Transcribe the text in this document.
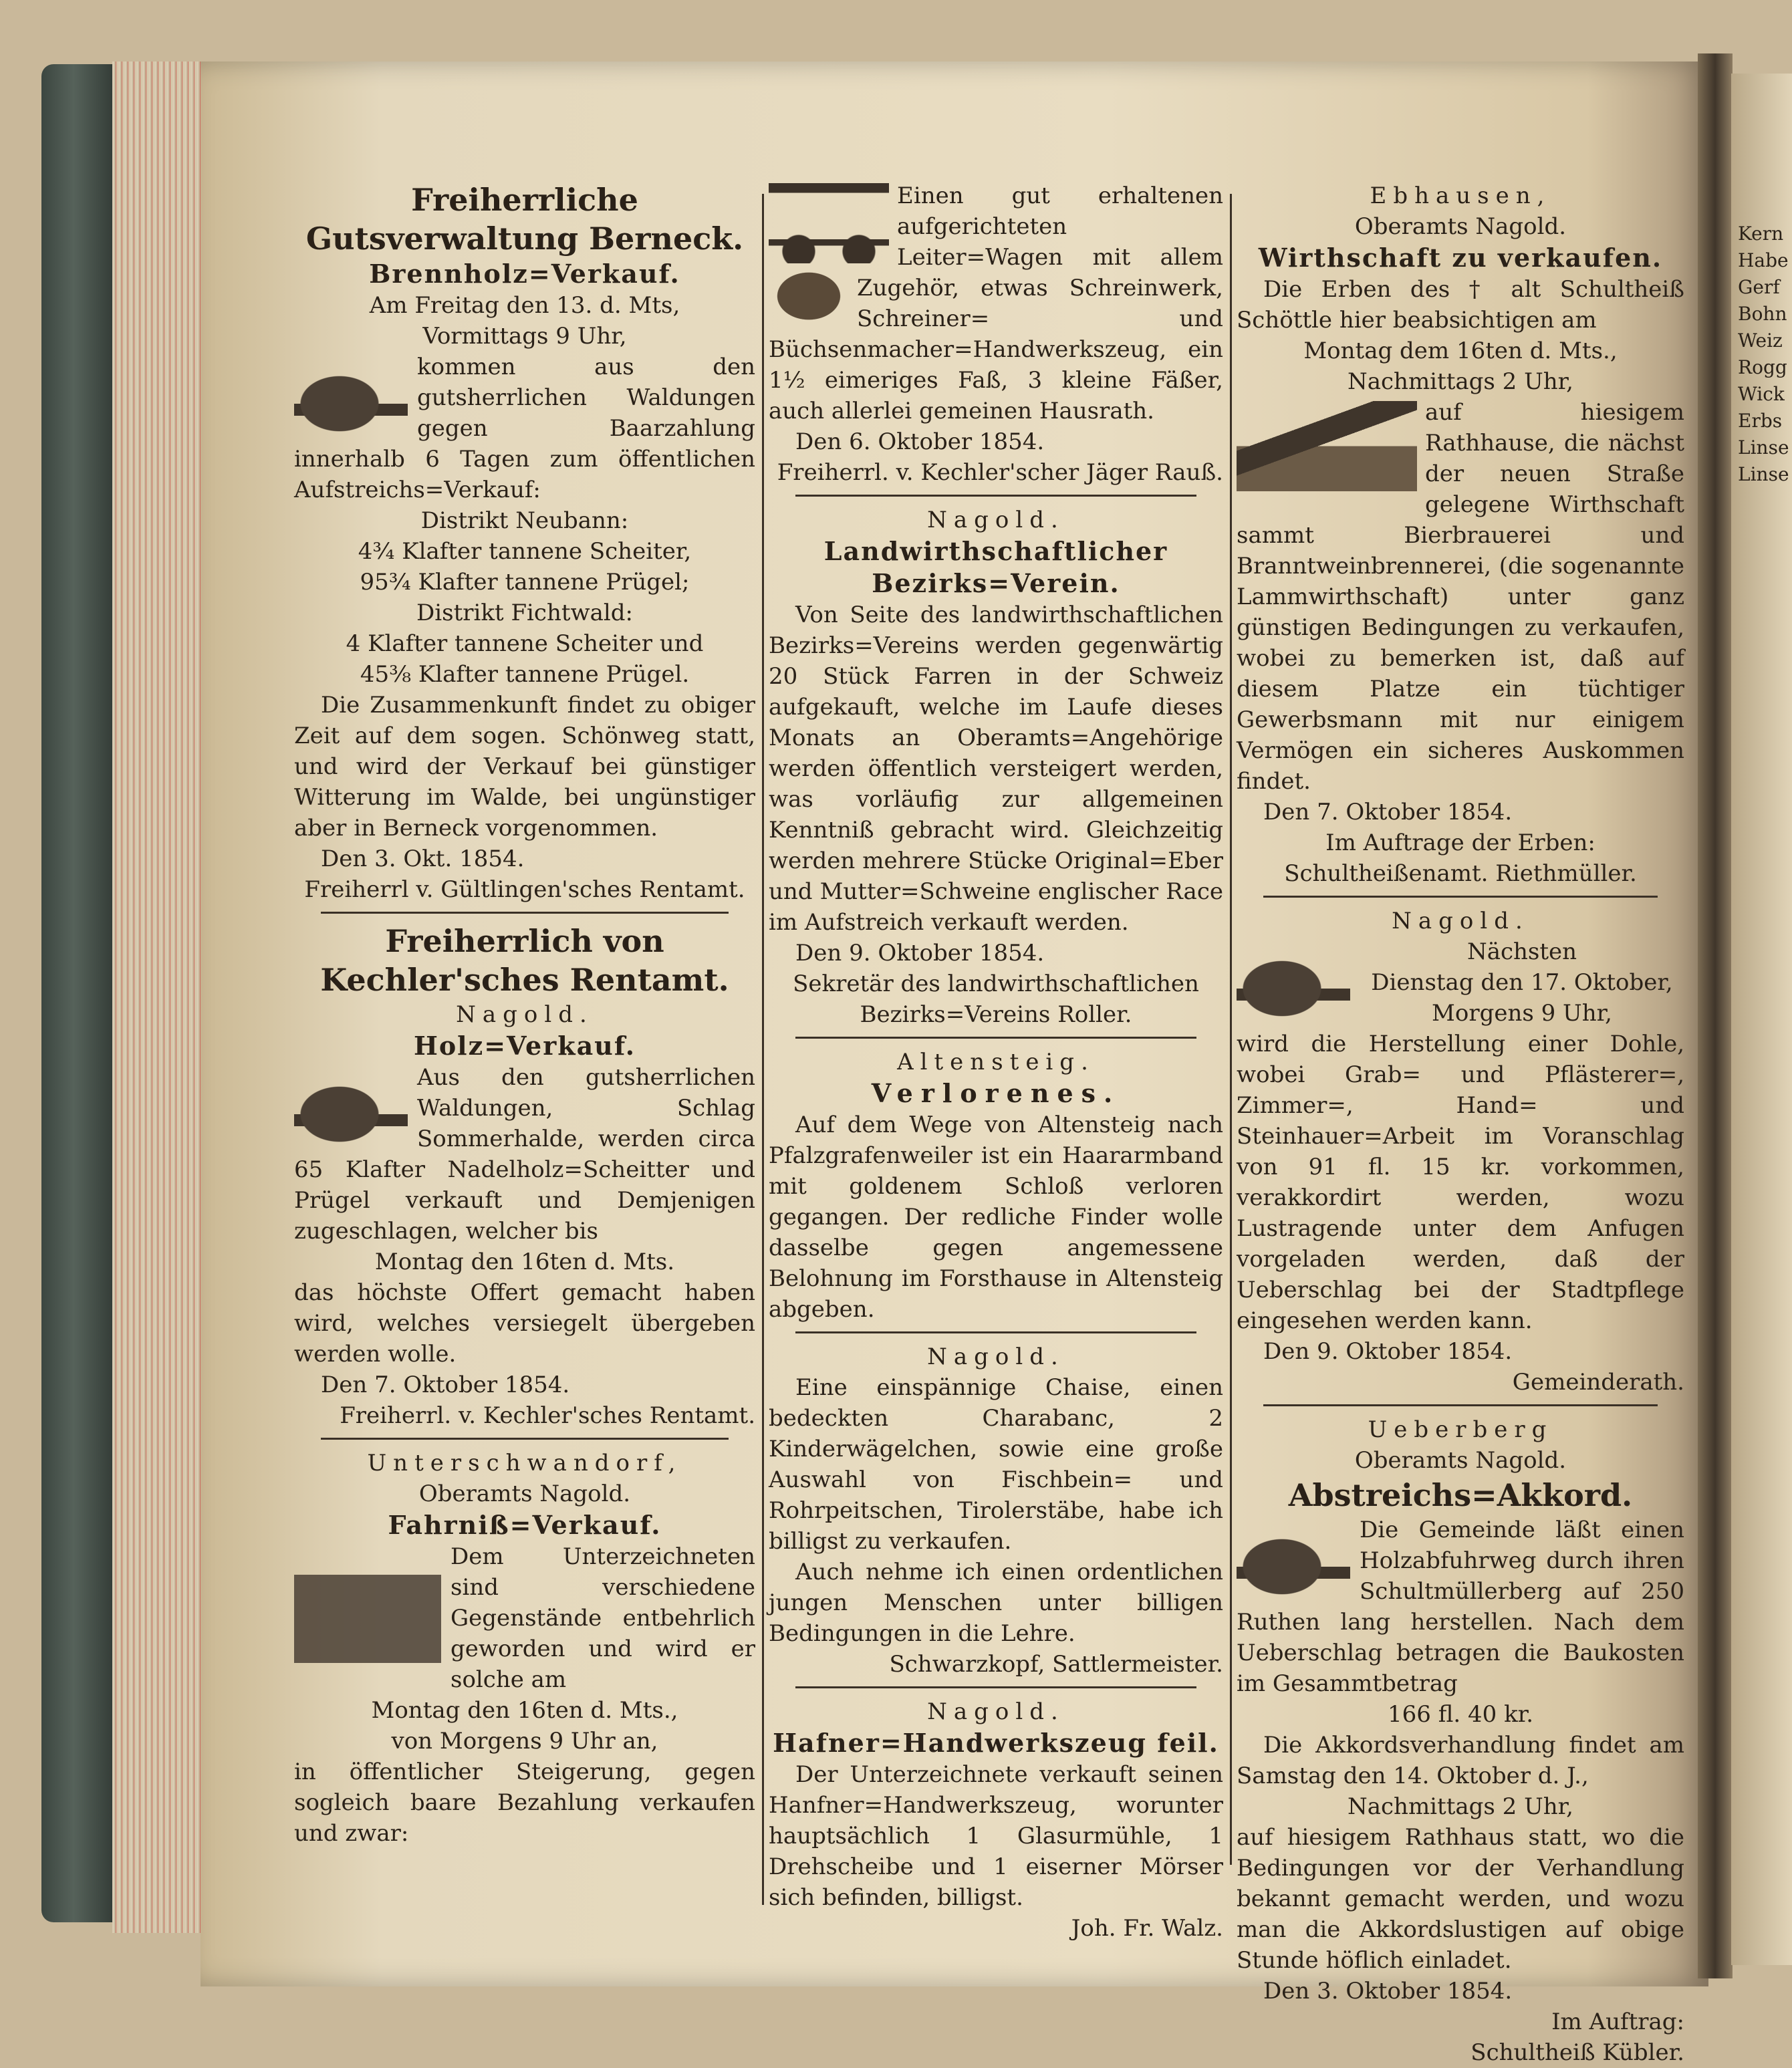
Freiherrliche Gutsverwaltung Berneck.

Brennholz=Verkauf.

Am Freitag den 13. d. Mts,

Vormittags 9 Uhr,

kommen aus den gutsherrlichen Waldungen gegen Baarzahlung innerhalb 6 Tagen zum öffentlichen Aufstreichs=Verkauf:

Distrikt Neubann:

4¾ Klafter tannene Scheiter,

95¾ Klafter tannene Prügel;

Distrikt Fichtwald:

4 Klafter tannene Scheiter und

45⅜ Klafter tannene Prügel.

Die Zusammenkunft findet zu obiger Zeit auf dem sogen. Schönweg statt, und wird der Verkauf bei günstiger Witterung im Walde, bei ungünstiger aber in Berneck vorgenommen.

Den 3. Okt. 1854.

Freiherrl v. Gültlingen'sches Rentamt.

Freiherrlich von Kechler'sches Rentamt.

Nagold.

Holz=Verkauf.

Aus den gutsherrlichen Waldungen, Schlag Sommerhalde, werden circa 65 Klafter Nadelholz=Scheitter und Prügel verkauft und Demjenigen zugeschlagen, welcher bis

Montag den 16ten d. Mts.

das höchste Offert gemacht haben wird, welches versiegelt übergeben werden wolle.

Den 7. Oktober 1854.

Freiherrl. v. Kechler'sches Rentamt.

Unterschwandorf,

Oberamts Nagold.

Fahrniß=Verkauf.

Dem Unterzeichneten sind verschiedene Gegenstände entbehrlich geworden und wird er solche am

Montag den 16ten d. Mts.,

von Morgens 9 Uhr an,

in öffentlicher Steigerung, gegen sogleich baare Bezahlung verkaufen und zwar:

Einen gut erhaltenen aufgerichteten Leiter=Wagen mit allem Zugehör, etwas Schreinwerk, Schreiner= und Büchsenmacher=Handwerkszeug, ein 1½ eimeriges Faß, 3 kleine Fäßer, auch allerlei gemeinen Hausrath.

Den 6. Oktober 1854.

Freiherrl. v. Kechler'scher Jäger Rauß.

Nagold.

Landwirthschaftlicher Bezirks=Verein.

Von Seite des landwirthschaftlichen Bezirks=Vereins werden gegenwärtig 20 Stück Farren in der Schweiz aufgekauft, welche im Laufe dieses Monats an Oberamts=Angehörige werden öffentlich versteigert werden, was vorläufig zur allgemeinen Kenntniß gebracht wird. Gleichzeitig werden mehrere Stücke Original=Eber und Mutter=Schweine englischer Race im Aufstreich verkauft werden.

Den 9. Oktober 1854.

Sekretär des landwirthschaftlichen Bezirks=Vereins Roller.

Altensteig.

Verlorenes.

Auf dem Wege von Altensteig nach Pfalzgrafenweiler ist ein Haararmband mit goldenem Schloß verloren gegangen. Der redliche Finder wolle dasselbe gegen angemessene Belohnung im Forsthause in Altensteig abgeben.

Nagold.

Eine einspännige Chaise, einen bedeckten Charabanc, 2 Kinderwägelchen, sowie eine große Auswahl von Fischbein= und Rohrpeitschen, Tirolerstäbe, habe ich billigst zu verkaufen.

Auch nehme ich einen ordentlichen jungen Menschen unter billigen Bedingungen in die Lehre.

Schwarzkopf, Sattlermeister.

Nagold.

Hafner=Handwerkszeug feil.

Der Unterzeichnete verkauft seinen Hanfner=Handwerkszeug, worunter hauptsächlich 1 Glasurmühle, 1 Drehscheibe und 1 eiserner Mörser sich befinden, billigst.

Joh. Fr. Walz.

Ebhausen,

Oberamts Nagold.

Wirthschaft zu verkaufen.

Die Erben des † alt Schultheiß Schöttle hier beabsichtigen am

Montag dem 16ten d. Mts.,

Nachmittags 2 Uhr,

auf hiesigem Rathhause, die nächst der neuen Straße gelegene Wirthschaft sammt Bierbrauerei und Branntweinbrennerei, (die sogenannte Lammwirthschaft) unter ganz günstigen Bedingungen zu verkaufen, wobei zu bemerken ist, daß auf diesem Platze ein tüchtiger Gewerbsmann mit nur einigem Vermögen ein sicheres Auskommen findet.

Den 7. Oktober 1854.

Im Auftrage der Erben: Schultheißenamt. Riethmüller.

Nagold.

Nächsten

Dienstag den 17. Oktober,

Morgens 9 Uhr,

wird die Herstellung einer Dohle, wobei Grab= und Pflästerer=, Zimmer=, Hand= und Steinhauer=Arbeit im Voranschlag von 91 fl. 15 kr. vorkommen, verakkordirt werden, wozu Lustragende unter dem Anfugen vorgeladen werden, daß der Ueberschlag bei der Stadtpflege eingesehen werden kann.

Den 9. Oktober 1854.

Gemeinderath.

Ueberberg

Oberamts Nagold.

Abstreichs=Akkord.

Die Gemeinde läßt einen Holzabfuhrweg durch ihren Schultmüllerberg auf 250 Ruthen lang herstellen. Nach dem Ueberschlag betragen die Baukosten im Gesammtbetrag

166 fl. 40 kr.

Die Akkordsverhandlung findet am Samstag den 14. Oktober d. J.,

Nachmittags 2 Uhr,

auf hiesigem Rathhaus statt, wo die Bedingungen vor der Verhandlung bekannt gemacht werden, und wozu man die Akkordslustigen auf obige Stunde höflich einladet.

Den 3. Oktober 1854.

Im Auftrag:

Schultheiß Kübler.

Kern
Habe
Gerf
Bohn
Weiz
Rogg
Wick
Erbs
Linse
Linse
